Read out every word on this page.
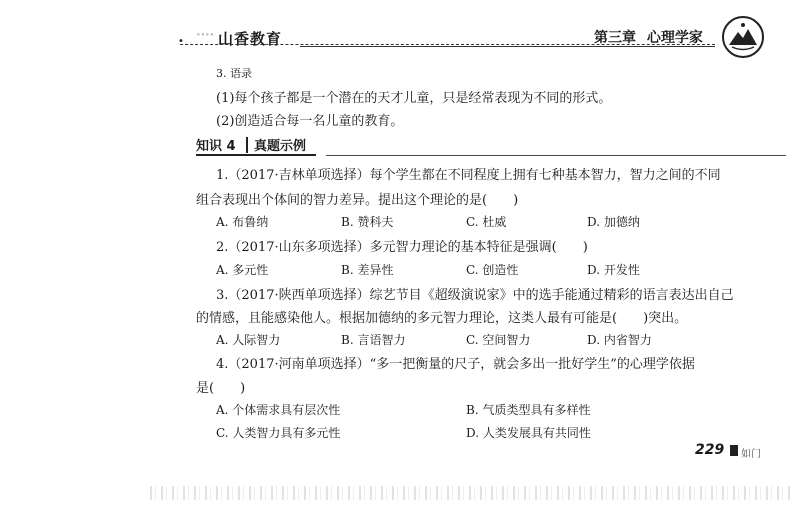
• $^{ﾟﾟﾟﾟ}$ 山香教育	第三章 心理学家
3. 语录
(1)每个孩子都是一个潜在的天才儿童，只是经常表现为不同的形式。
(2)创造适合每一名儿童的教育。
知识 4 真题示例
1.（2017·吉林单项选择）每个学生都在不同程度上拥有七种基本智力，智力之间的不同
组合表现出个体间的智力差异。提出这个理论的是(　　)
A. 布鲁纳	B. 赞科夫	C. 杜威	D. 加德纳
2.（2017·山东多项选择）多元智力理论的基本特征是强调(　　)
A. 多元性	B. 差异性	C. 创造性	D. 开发性
3.（2017·陕西单项选择）综艺节目《超级演说家》中的选手能通过精彩的语言表达出自己
的情感，且能感染他人。根据加德纳的多元智力理论，这类人最有可能是(　　)突出。
A. 人际智力	B. 言语智力	C. 空间智力	D. 内省智力
4.（2017·河南单项选择）“多一把衡量的尺子，就会多出一批好学生”的心理学依据
是(　　)
A. 个体需求具有层次性	B. 气质类型具有多样性
C. 人类智力具有多元性	D. 人类发展具有共同性
229 如门
